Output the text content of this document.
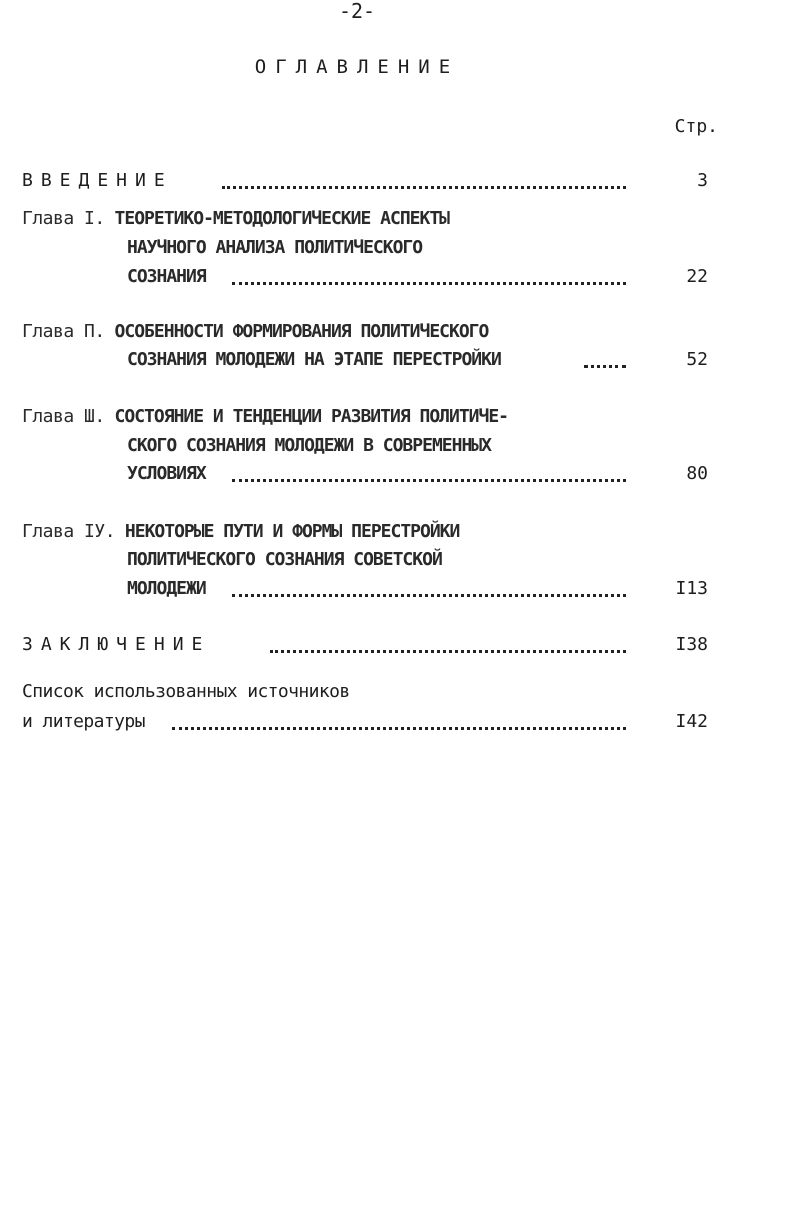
-2-
ОГЛАВЛЕНИЕ
Стр.
ВВЕДЕНИЕ	3
Глава I. ТЕОРЕТИКО-МЕТОДОЛОГИЧЕСКИЕ АСПЕКТЫ
НАУЧНОГО АНАЛИЗА ПОЛИТИЧЕСКОГО
СОЗНАНИЯ	22
Глава П. ОСОБЕННОСТИ ФОРМИРОВАНИЯ ПОЛИТИЧЕСКОГО
СОЗНАНИЯ МОЛОДЕЖИ НА ЭТАПЕ ПЕРЕСТРОЙКИ	52
Глава Ш. СОСТОЯНИЕ И ТЕНДЕНЦИИ РАЗВИТИЯ ПОЛИТИЧЕ-
СКОГО СОЗНАНИЯ МОЛОДЕЖИ В СОВРЕМЕННЫХ
УСЛОВИЯХ	80
Глава IУ. НЕКОТОРЫЕ ПУТИ И ФОРМЫ ПЕРЕСТРОЙКИ
ПОЛИТИЧЕСКОГО СОЗНАНИЯ СОВЕТСКОЙ
МОЛОДЕЖИ	I13
ЗАКЛЮЧЕНИЕ	I38
Список использованных источников
и литературы	I42
